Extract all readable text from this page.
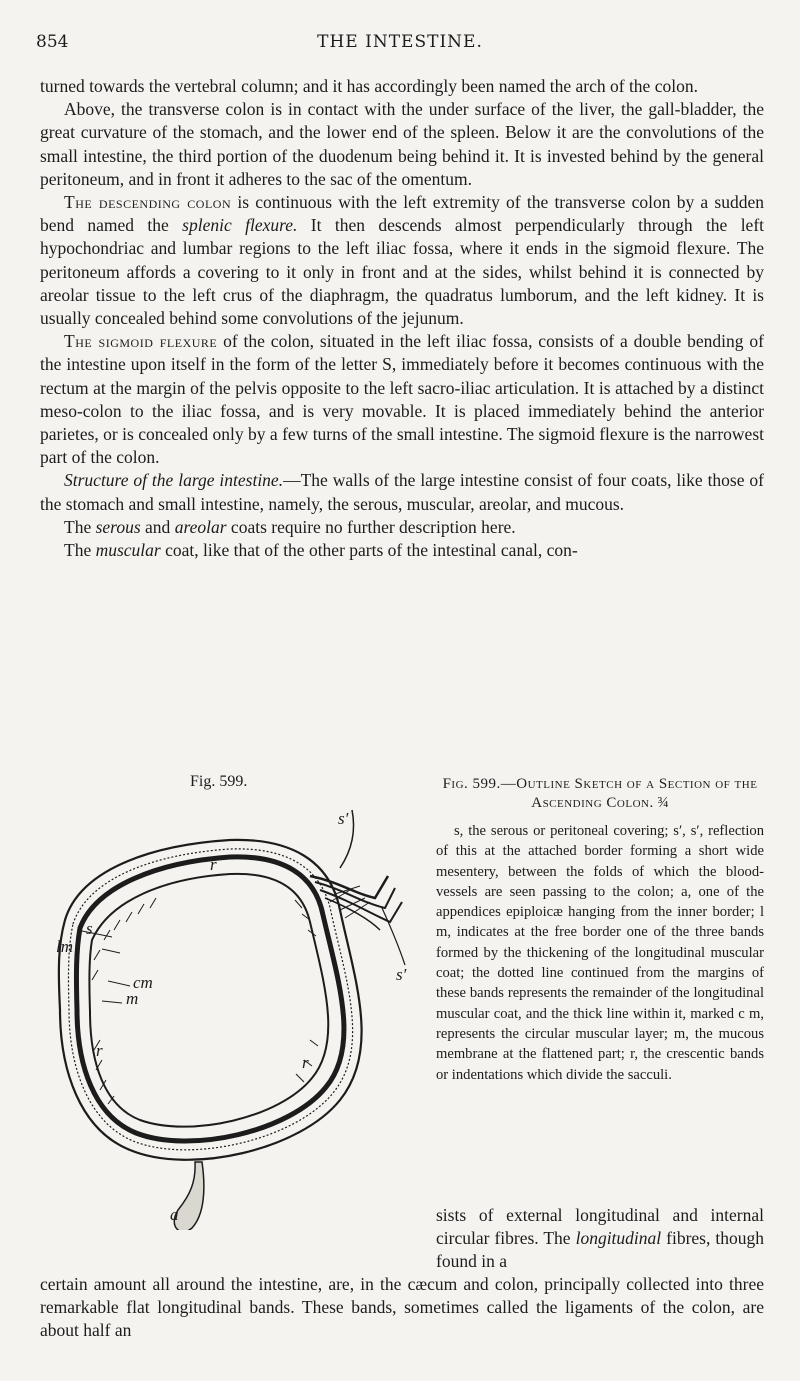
854	THE INTESTINE.

turned towards the vertebral column; and it has accordingly been named the arch of the colon.

Above, the transverse colon is in contact with the under surface of the liver, the gall-bladder, the great curvature of the stomach, and the lower end of the spleen. Below it are the convolutions of the small intestine, the third portion of the duodenum being behind it. It is invested behind by the general peritoneum, and in front it adheres to the sac of the omentum.

The descending colon is continuous with the left extremity of the transverse colon by a sudden bend named the splenic flexure. It then descends almost perpendicularly through the left hypochondriac and lumbar regions to the left iliac fossa, where it ends in the sigmoid flexure. The peritoneum affords a covering to it only in front and at the sides, whilst behind it is connected by areolar tissue to the left crus of the diaphragm, the quadratus lumborum, and the left kidney. It is usually concealed behind some convolutions of the jejunum.

The sigmoid flexure of the colon, situated in the left iliac fossa, consists of a double bending of the intestine upon itself in the form of the letter S, immediately before it becomes continuous with the rectum at the margin of the pelvis opposite to the left sacro-iliac articulation. It is attached by a distinct meso-colon to the iliac fossa, and is very movable. It is placed immediately behind the anterior parietes, or is concealed only by a few turns of the small intestine. The sigmoid flexure is the narrowest part of the colon.

Structure of the large intestine.—The walls of the large intestine consist of four coats, like those of the stomach and small intestine, namely, the serous, muscular, areolar, and mucous.

The serous and areolar coats require no further description here.

The muscular coat, like that of the other parts of the intestinal canal, con-

Fig. 599.
s
lm
cm
m
s′
s′
r
r
r
a

Fig. 599.—Outline Sketch of a Section of the Ascending Colon. ¾

s, the serous or peritoneal covering; s′, s′, reflection of this at the attached border forming a short wide mesentery, between the folds of which the blood-vessels are seen passing to the colon; a, one of the appendices epiploicæ hanging from the inner border; l m, indicates at the free border one of the three bands formed by the thickening of the longitudinal muscular coat; the dotted line continued from the margins of these bands represents the remainder of the longitudinal muscular coat, and the thick line within it, marked c m, represents the circular muscular layer; m, the mucous membrane at the flattened part; r, the crescentic bands or indentations which divide the sacculi.

sists of external longitudinal and internal circular fibres. The longitudinal fibres, though found in a
certain amount all around the intestine, are, in the cæcum and colon, principally collected into three remarkable flat longitudinal bands. These bands, sometimes called the ligaments of the colon, are about half an
